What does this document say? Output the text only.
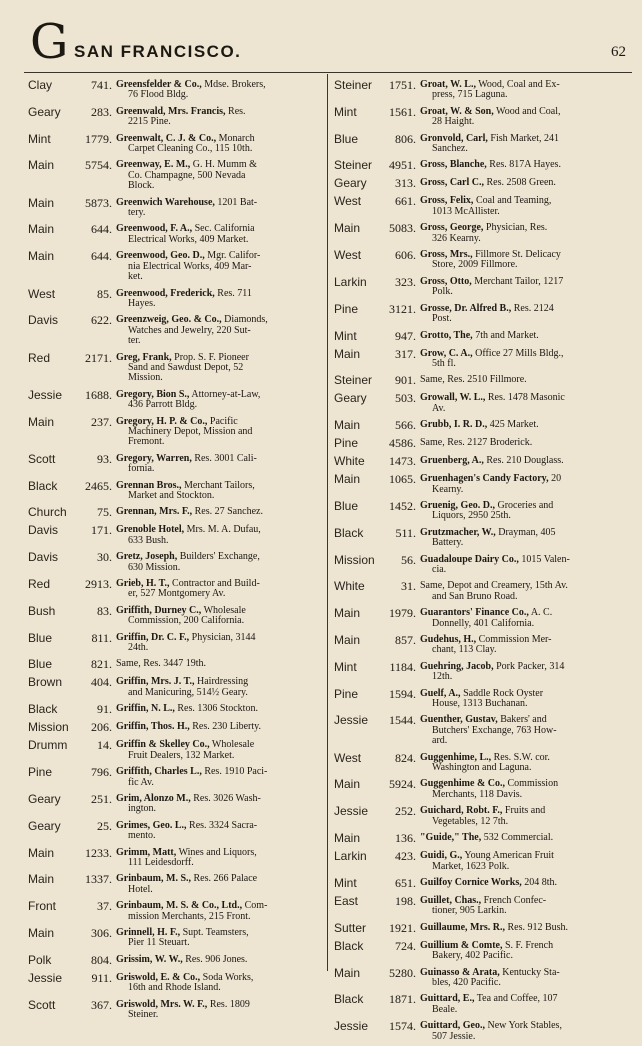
G SAN FRANCISCO.	62
Clay	741. Greensfelder & Co., Mdse. Brokers,
76 Flood Bldg.
Geary	283. Greenwald, Mrs. Francis, Res.
2215 Pine.
Mint	1779. Greenwalt, C. J. & Co., Monarch
Carpet Cleaning Co., 115 10th.
Main	5754. Greenway, E. M., G. H. Mumm &
Co. Champagne, 500 Nevada
Block.
Main	5873. Greenwich Warehouse, 1201 Bat-
tery.
Main	644. Greenwood, F. A., Sec. California
Electrical Works, 409 Market.
Main	644. Greenwood, Geo. D., Mgr. Califor-
nia Electrical Works, 409 Mar-
ket.
West	85. Greenwood, Frederick, Res. 711
Hayes.
Davis	622. Greenzweig, Geo. & Co., Diamonds,
Watches and Jewelry, 220 Sut-
ter.
Red	2171. Greg, Frank, Prop. S. F. Pioneer
Sand and Sawdust Depot, 52
Mission.
Jessie	1688. Gregory, Bion S., Attorney-at-Law,
436 Parrott Bldg.
Main	237. Gregory, H. P. & Co., Pacific
Machinery Depot, Mission and
Fremont.
Scott	93. Gregory, Warren, Res. 3001 Cali-
fornia.
Black	2465. Grennan Bros., Merchant Tailors,
Market and Stockton.
Church	75. Grennan, Mrs. F., Res. 27 Sanchez.
Davis	171. Grenoble Hotel, Mrs. M. A. Dufau,
633 Bush.
Davis	30. Gretz, Joseph, Builders' Exchange,
630 Mission.
Red	2913. Grieb, H. T., Contractor and Build-
er, 527 Montgomery Av.
Bush	83. Griffith, Durney C., Wholesale
Commission, 200 California.
Blue	811. Griffin, Dr. C. F., Physician, 3144
24th.
Blue	821. Same, Res. 3447 19th.
Brown	404. Griffin, Mrs. J. T., Hairdressing
and Manicuring, 514½ Geary.
Black	91. Griffin, N. L., Res. 1306 Stockton.
Mission	206. Griffin, Thos. H., Res. 230 Liberty.
Drumm	14. Griffin & Skelley Co., Wholesale
Fruit Dealers, 132 Market.
Pine	796. Griffith, Charles L., Res. 1910 Paci-
fic Av.
Geary	251. Grim, Alonzo M., Res. 3026 Wash-
ington.
Geary	25. Grimes, Geo. L., Res. 3324 Sacra-
mento.
Main	1233. Grimm, Matt, Wines and Liquors,
111 Leidesdorff.
Main	1337. Grinbaum, M. S., Res. 266 Palace
Hotel.
Front	37. Grinbaum, M. S. & Co., Ltd., Com-
mission Merchants, 215 Front.
Main	306. Grinnell, H. F., Supt. Teamsters,
Pier 11 Steuart.
Polk	804. Grissim, W. W., Res. 906 Jones.
Jessie	911. Griswold, E. & Co., Soda Works,
16th and Rhode Island.
Scott	367. Griswold, Mrs. W. F., Res. 1809
Steiner.
Steiner	1751. Groat, W. L., Wood, Coal and Ex-
press, 715 Laguna.
Mint	1561. Groat, W. & Son, Wood and Coal,
28 Haight.
Blue	806. Gronvold, Carl, Fish Market, 241
Sanchez.
Steiner	4951. Gross, Blanche, Res. 817A Hayes.
Geary	313. Gross, Carl C., Res. 2508 Green.
West	661. Gross, Felix, Coal and Teaming,
1013 McAllister.
Main	5083. Gross, George, Physician, Res.
326 Kearny.
West	606. Gross, Mrs., Fillmore St. Delicacy
Store, 2009 Fillmore.
Larkin	323. Gross, Otto, Merchant Tailor, 1217
Polk.
Pine	3121. Grosse, Dr. Alfred B., Res. 2124
Post.
Mint	947. Grotto, The, 7th and Market.
Main	317. Grow, C. A., Office 27 Mills Bldg.,
5th fl.
Steiner	901. Same, Res. 2510 Fillmore.
Geary	503. Growall, W. L., Res. 1478 Masonic
Av.
Main	566. Grubb, I. R. D., 425 Market.
Pine	4586. Same, Res. 2127 Broderick.
White	1473. Gruenberg, A., Res. 210 Douglass.
Main	1065. Gruenhagen's Candy Factory, 20
Kearny.
Blue	1452. Gruenig, Geo. D., Groceries and
Liquors, 2950 25th.
Black	511. Grutzmacher, W., Drayman, 405
Battery.
Mission	56. Guadaloupe Dairy Co., 1015 Valen-
cia.
White	31. Same, Depot and Creamery, 15th Av.
and San Bruno Road.
Main	1979. Guarantors' Finance Co., A. C.
Donnelly, 401 California.
Main	857. Gudehus, H., Commission Mer-
chant, 113 Clay.
Mint	1184. Guehring, Jacob, Pork Packer, 314
12th.
Pine	1594. Guelf, A., Saddle Rock Oyster
House, 1313 Buchanan.
Jessie	1544. Guenther, Gustav, Bakers' and
Butchers' Exchange, 763 How-
ard.
West	824. Guggenhime, L., Res. S.W. cor.
Washington and Laguna.
Main	5924. Guggenhime & Co., Commission
Merchants, 118 Davis.
Jessie	252. Guichard, Robt. F., Fruits and
Vegetables, 12 7th.
Main	136. "Guide," The, 532 Commercial.
Larkin	423. Guidi, G., Young American Fruit
Market, 1623 Polk.
Mint	651. Guilfoy Cornice Works, 204 8th.
East	198. Guillet, Chas., French Confec-
tioner, 905 Larkin.
Sutter	1921. Guillaume, Mrs. R., Res. 912 Bush.
Black	724. Guillium & Comte, S. F. French
Bakery, 402 Pacific.
Main	5280. Guinasso & Arata, Kentucky Sta-
bles, 420 Pacific.
Black	1871. Guittard, E., Tea and Coffee, 107
Beale.
Jessie	1574. Guittard, Geo., New York Stables,
507 Jessie.
